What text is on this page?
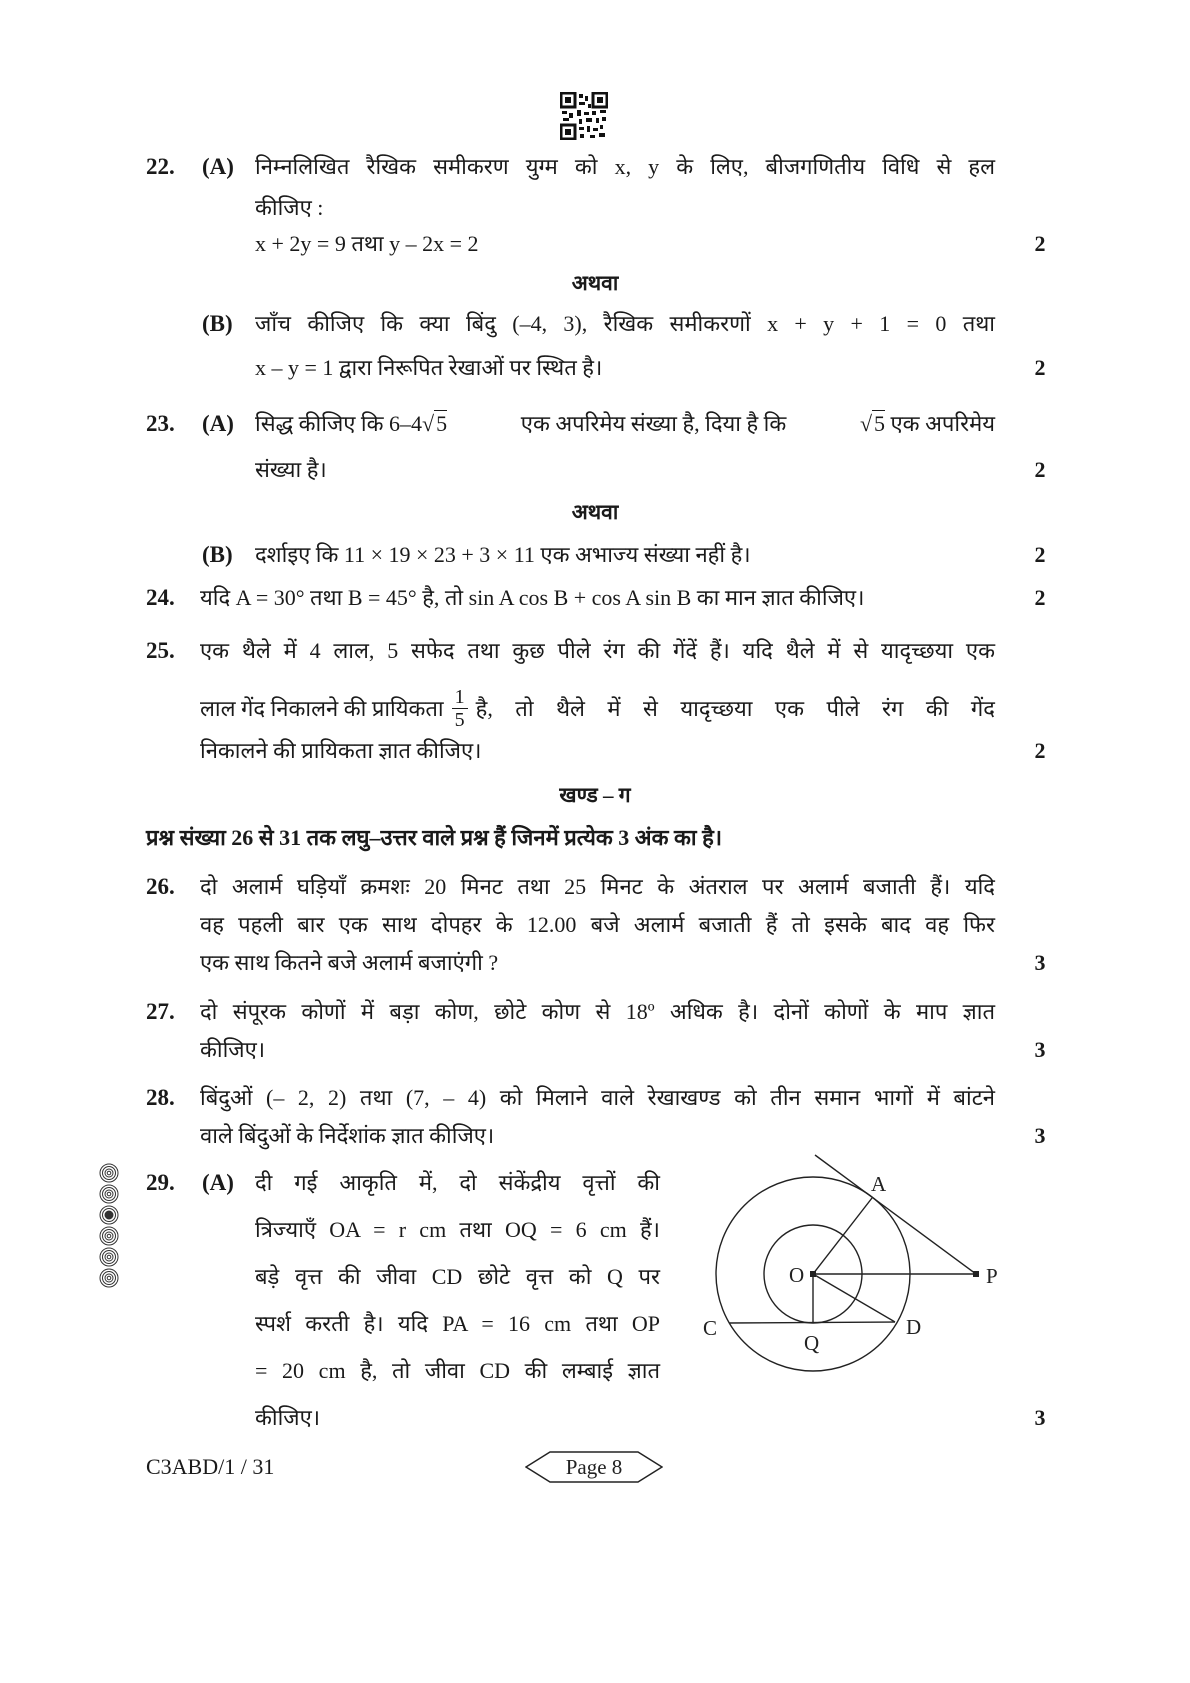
22. (A) निम्नलिखित रैखिक समीकरण युग्म को x, y के लिए, बीजगणितीय विधि से हल
कीजिए :
x + 2y = 9 तथा y – 2x = 2	2
अथवा
(B) जाँच कीजिए कि क्या बिंदु (–4, 3), रैखिक समीकरणों x + y + 1 = 0 तथा
x – y = 1 द्वारा निरूपित रेखाओं पर स्थित है।	2
23. (A) सिद्ध कीजिए कि 6–4√5	एक अपरिमेय संख्या है, दिया है कि	√5 एक अपरिमेय
संख्या है।	2
अथवा
(B) दर्शाइए कि 11 × 19 × 23 + 3 × 11 एक अभाज्य संख्या नहीं है।	2
24. यदि A = 30° तथा B = 45° है, तो sin A cos B + cos A sin B का मान ज्ञात कीजिए।	2
25. एक थैले में 4 लाल, 5 सफेद तथा कुछ पीले रंग की गेंदें हैं। यदि थैले में से यादृच्छया एक
लाल गेंद निकालने की प्रायिकता $\frac{1}{5}$ है, तो थैले में से यादृच्छया एक पीले रंग की गेंद
निकालने की प्रायिकता ज्ञात कीजिए।	2
खण्ड – ग
प्रश्न संख्या 26 से 31 तक लघु–उत्तर वाले प्रश्न हैं जिनमें प्रत्येक 3 अंक का है।
26. दो अलार्म घड़ियाँ क्रमशः 20 मिनट तथा 25 मिनट के अंतराल पर अलार्म बजाती हैं। यदि
वह पहली बार एक साथ दोपहर के 12.00 बजे अलार्म बजाती हैं तो इसके बाद वह फिर
एक साथ कितने बजे अलार्म बजाएंगी ?	3
27. दो संपूरक कोणों में बड़ा कोण, छोटे कोण से 18º अधिक है। दोनों कोणों के माप ज्ञात
कीजिए।	3
28. बिंदुओं (– 2, 2) तथा (7, – 4) को मिलाने वाले रेखाखण्ड को तीन समान भागों में बांटने
वाले बिंदुओं के निर्देशांक ज्ञात कीजिए।	3
29. (A) दी गई आकृति में, दो संकेंद्रीय वृत्तों की
त्रिज्याएँ OA = r cm तथा OQ = 6 cm हैं।
बड़े वृत्त की जीवा CD छोटे वृत्त को Q पर
स्पर्श करती है। यदि PA = 16 cm तथा OP
= 20 cm है, तो जीवा CD की लम्बाई ज्ञात
कीजिए।	3
A
O	P
C	D
Q
C3ABD/1 / 31	Page 8
